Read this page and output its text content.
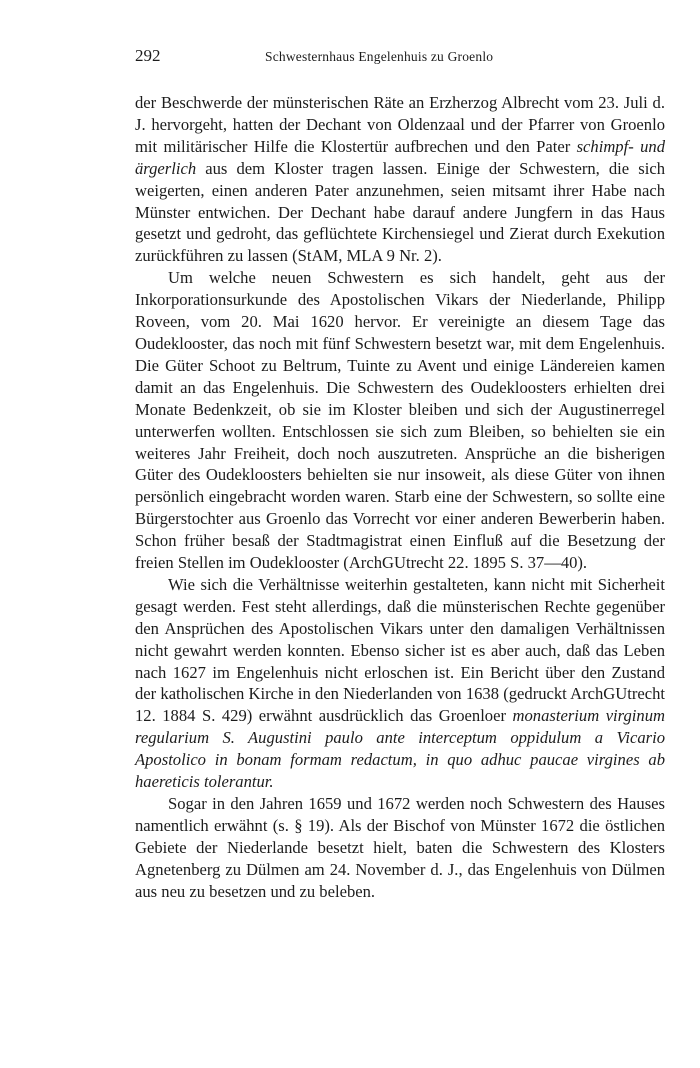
292	Schwesternhaus Engelenhuis zu Groenlo

der Beschwerde der münsterischen Räte an Erzherzog Albrecht vom 23. Juli d. J. hervorgeht, hatten der Dechant von Oldenzaal und der Pfarrer von Groenlo mit militärischer Hilfe die Klostertür aufbrechen und den Pater schimpf- und ärgerlich aus dem Kloster tragen lassen. Einige der Schwestern, die sich weigerten, einen anderen Pater anzunehmen, seien mitsamt ihrer Habe nach Münster entwichen. Der Dechant habe darauf andere Jungfern in das Haus gesetzt und gedroht, das geflüchtete Kirchensiegel und Zierat durch Exekution zurückführen zu lassen (StAM, MLA 9 Nr. 2).

Um welche neuen Schwestern es sich handelt, geht aus der Inkorporationsurkunde des Apostolischen Vikars der Niederlande, Philipp Roveen, vom 20. Mai 1620 hervor. Er vereinigte an diesem Tage das Oudeklooster, das noch mit fünf Schwestern besetzt war, mit dem Engelenhuis. Die Güter Schoot zu Beltrum, Tuinte zu Avent und einige Ländereien kamen damit an das Engelenhuis. Die Schwestern des Oudekloosters erhielten drei Monate Bedenkzeit, ob sie im Kloster bleiben und sich der Augustinerregel unterwerfen wollten. Entschlossen sie sich zum Bleiben, so behielten sie ein weiteres Jahr Freiheit, doch noch auszutreten. Ansprüche an die bisherigen Güter des Oudekloosters behielten sie nur insoweit, als diese Güter von ihnen persönlich eingebracht worden waren. Starb eine der Schwestern, so sollte eine Bürgerstochter aus Groenlo das Vorrecht vor einer anderen Bewerberin haben. Schon früher besaß der Stadtmagistrat einen Einfluß auf die Besetzung der freien Stellen im Oudeklooster (ArchGUtrecht 22. 1895 S. 37—40).

Wie sich die Verhältnisse weiterhin gestalteten, kann nicht mit Sicherheit gesagt werden. Fest steht allerdings, daß die münsterischen Rechte gegenüber den Ansprüchen des Apostolischen Vikars unter den damaligen Verhältnissen nicht gewahrt werden konnten. Ebenso sicher ist es aber auch, daß das Leben nach 1627 im Engelenhuis nicht erloschen ist. Ein Bericht über den Zustand der katholischen Kirche in den Niederlanden von 1638 (gedruckt ArchGUtrecht 12. 1884 S. 429) erwähnt ausdrücklich das Groenloer monasterium virginum regularium S. Augustini paulo ante interceptum oppidulum a Vicario Apostolico in bonam formam redactum, in quo adhuc paucae virgines ab haereticis tolerantur.

Sogar in den Jahren 1659 und 1672 werden noch Schwestern des Hauses namentlich erwähnt (s. § 19). Als der Bischof von Münster 1672 die östlichen Gebiete der Niederlande besetzt hielt, baten die Schwestern des Klosters Agnetenberg zu Dülmen am 24. November d. J., das Engelenhuis von Dülmen aus neu zu besetzen und zu beleben.
